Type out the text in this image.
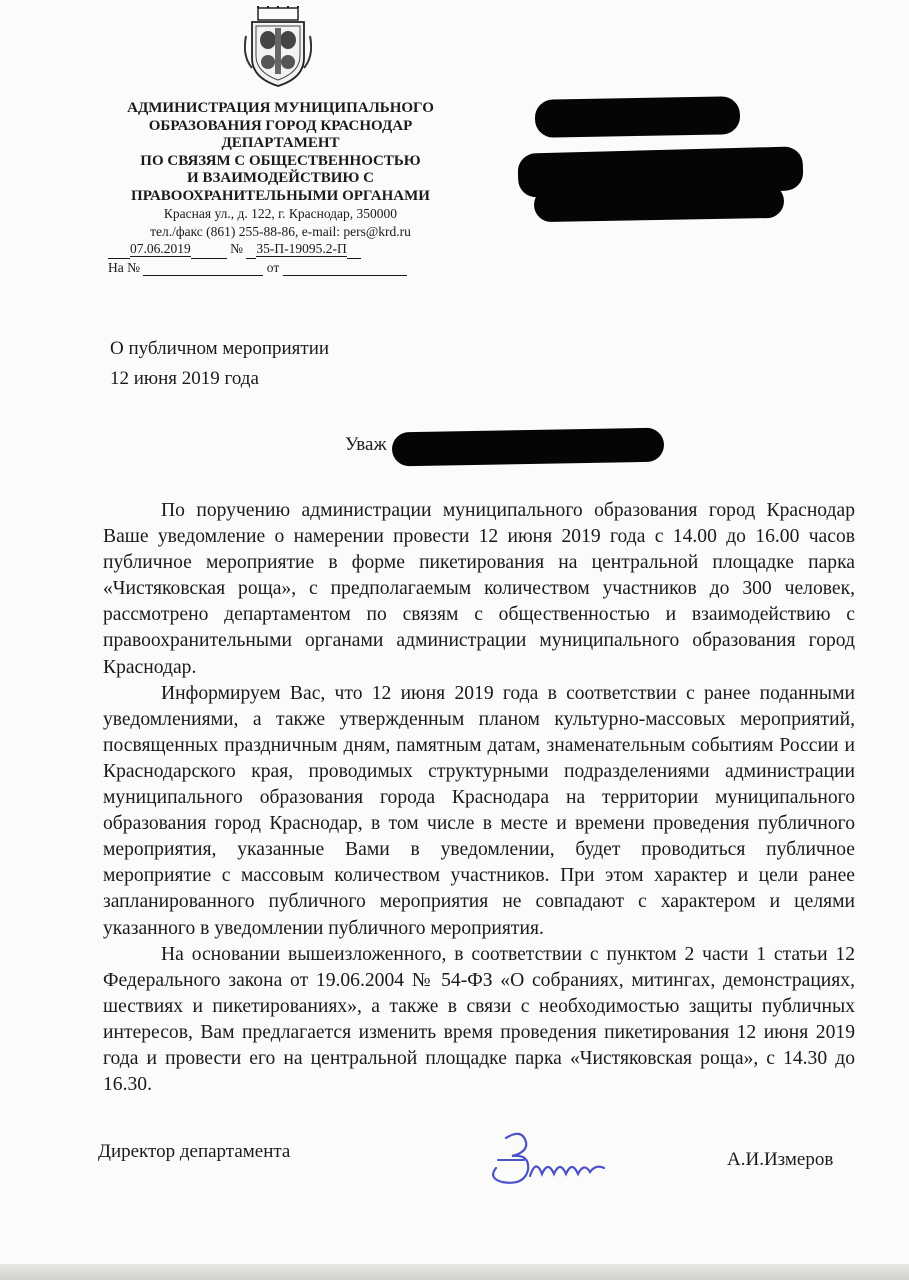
АДМИНИСТРАЦИЯ МУНИЦИПАЛЬНОГО
ОБРАЗОВАНИЯ ГОРОД КРАСНОДАР
ДЕПАРТАМЕНТ
ПО СВЯЗЯМ С ОБЩЕСТВЕННОСТЬЮ
И ВЗАИМОДЕЙСТВИЮ С
ПРАВООХРАНИТЕЛЬНЫМИ ОРГАНАМИ
Красная ул., д. 122, г. Краснодар, 350000
тел./факс (861) 255-88-86, e-mail: pers@krd.ru
07.06.2019	№ 35-П-19095.2-П
На №	от
О публичном мероприятии
12 июня 2019 года
Уваж

По поручению администрации муниципального образования город Краснодар Ваше уведомление о намерении провести 12 июня 2019 года с 14.00 до 16.00 часов публичное мероприятие в форме пикетирования на центральной площадке парка «Чистяковская роща», с предполагаемым количеством участников до 300 человек, рассмотрено департаментом по связям с общественностью и взаимодействию с правоохранительными органами администрации муниципального образования город Краснодар.

Информируем Вас, что 12 июня 2019 года в соответствии с ранее поданными уведомлениями, а также утвержденным планом культурно-массовых мероприятий, посвященных праздничным дням, памятным датам, знаменательным событиям России и Краснодарского края, проводимых структурными подразделениями администрации муниципального образования города Краснодара на территории муниципального образования город Краснодар, в том числе в месте и времени проведения публичного мероприятия, указанные Вами в уведомлении, будет проводиться публичное мероприятие с массовым количеством участников. При этом характер и цели ранее запланированного публичного мероприятия не совпадают с характером и целями указанного в уведомлении публичного мероприятия.

На основании вышеизложенного, в соответствии с пунктом 2 части 1 статьи 12 Федерального закона от 19.06.2004 № 54-ФЗ «О собраниях, митингах, демонстрациях, шествиях и пикетированиях», а также в связи с необходимостью защиты публичных интересов, Вам предлагается изменить время проведения пикетирования 12 июня 2019 года и провести его на центральной площадке парка «Чистяковская роща», с 14.30 до 16.30.

Директор департамента	А.И.Измеров
